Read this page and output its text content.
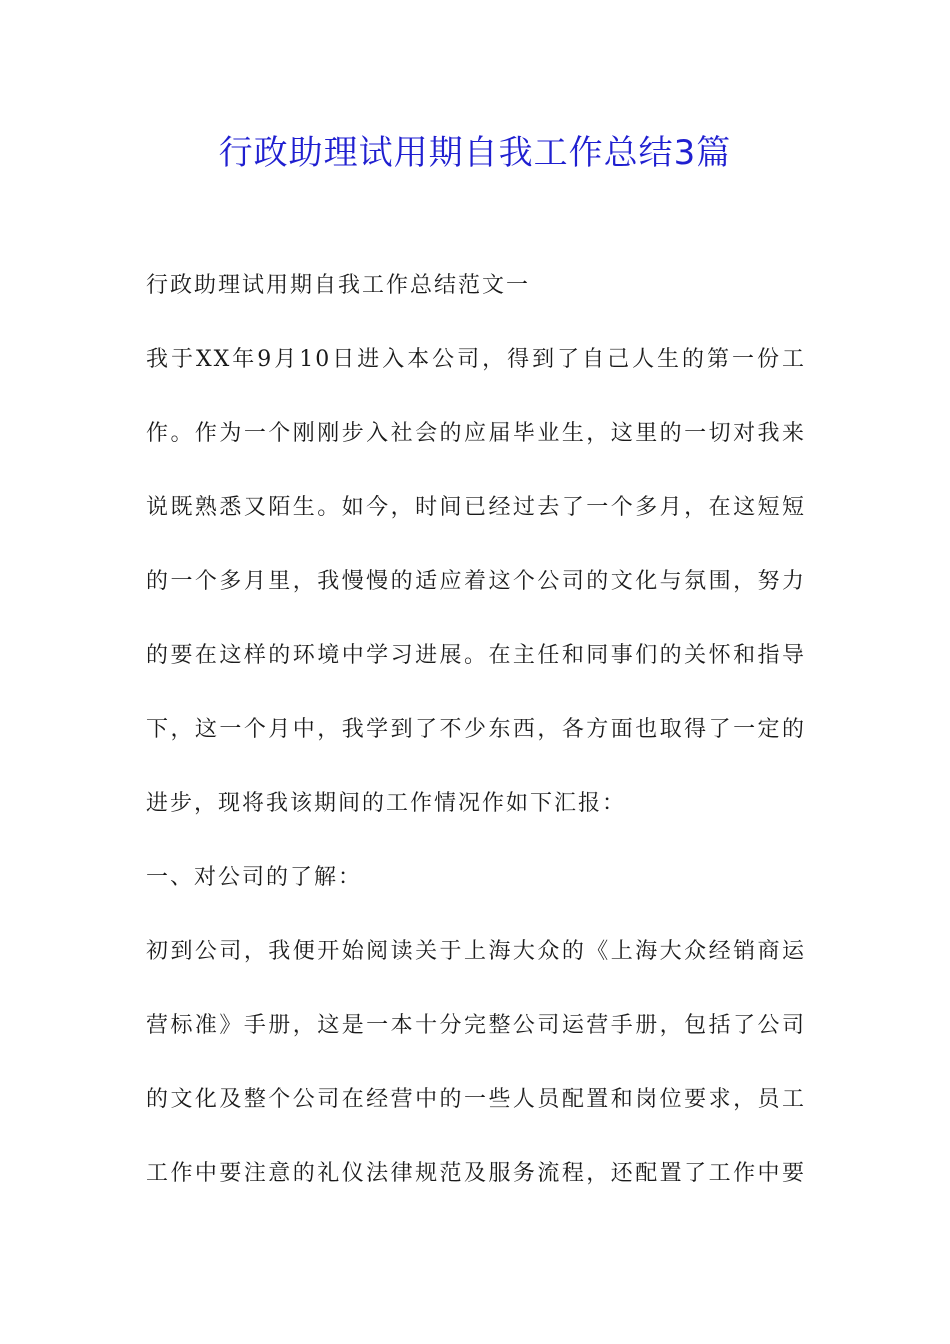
行政助理试用期自我工作总结3篇
行政助理试用期自我工作总结范文一
我于XX年9月10日进入本公司，得到了自己人生的第一份工
作。作为一个刚刚步入社会的应届毕业生，这里的一切对我来
说既熟悉又陌生。如今，时间已经过去了一个多月，在这短短
的一个多月里，我慢慢的适应着这个公司的文化与氛围，努力
的要在这样的环境中学习进展。在主任和同事们的关怀和指导
下，这一个月中，我学到了不少东西，各方面也取得了一定的
进步，现将我该期间的工作情况作如下汇报：
一、对公司的了解：
初到公司，我便开始阅读关于上海大众的《上海大众经销商运
营标准》手册，这是一本十分完整公司运营手册，包括了公司
的文化及整个公司在经营中的一些人员配置和岗位要求，员工
工作中要注意的礼仪法律规范及服务流程，还配置了工作中要
